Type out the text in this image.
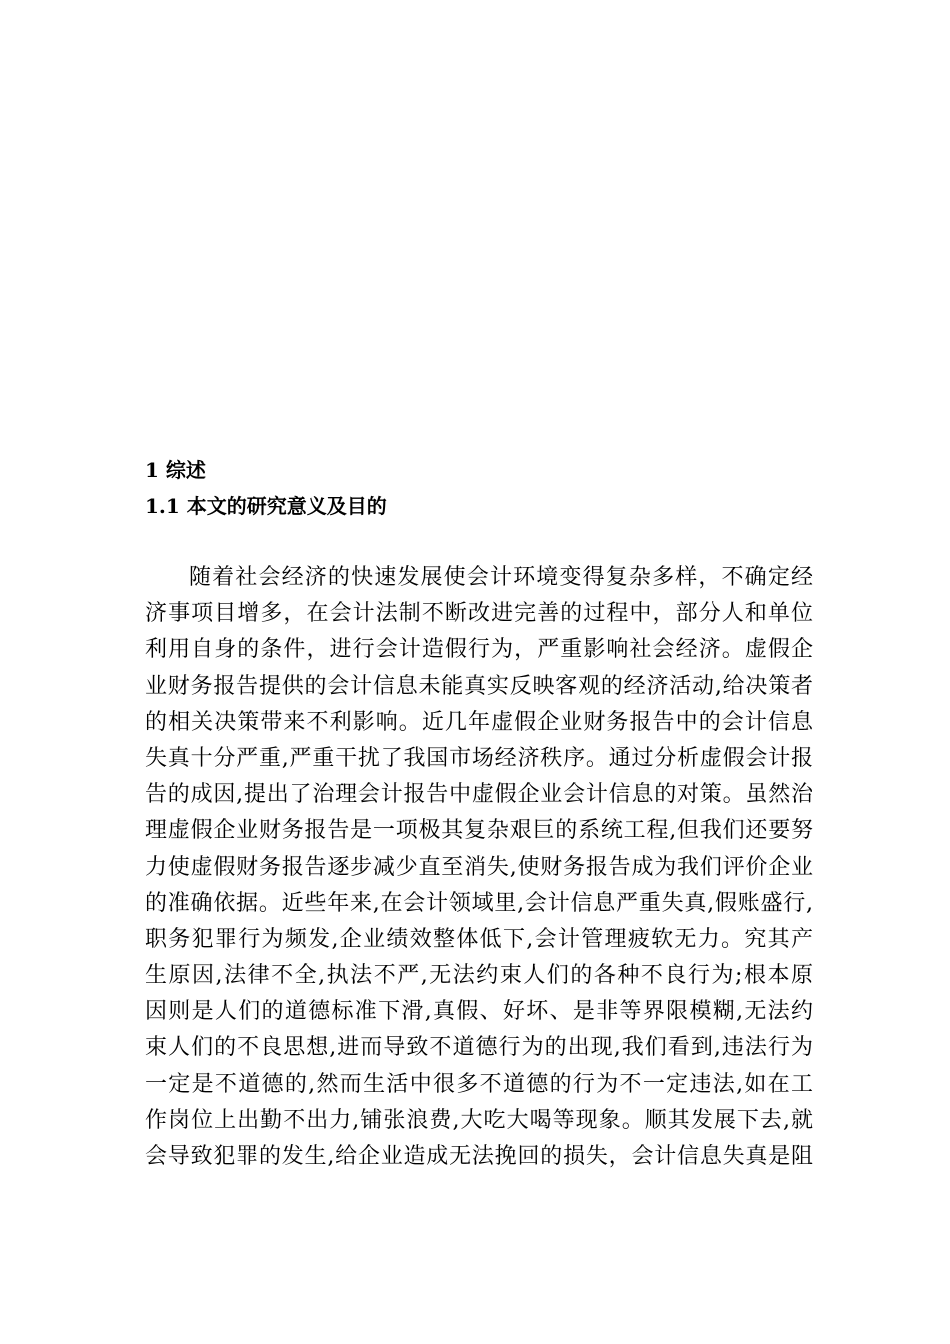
1 综述
1.1 本文的研究意义及目的
随着社会经济的快速发展使会计环境变得复杂多样，不确定经
济事项目增多，在会计法制不断改进完善的过程中，部分人和单位
利用自身的条件，进行会计造假行为，严重影响社会经济。虚假企
业财务报告提供的会计信息未能真实反映客观的经济活动,给决策者
的相关决策带来不利影响。近几年虚假企业财务报告中的会计信息
失真十分严重,严重干扰了我国市场经济秩序。通过分析虚假会计报
告的成因,提出了治理会计报告中虚假企业会计信息的对策。虽然治
理虚假企业财务报告是一项极其复杂艰巨的系统工程,但我们还要努
力使虚假财务报告逐步减少直至消失,使财务报告成为我们评价企业
的准确依据。近些年来,在会计领域里,会计信息严重失真,假账盛行,
职务犯罪行为频发,企业绩效整体低下,会计管理疲软无力。究其产
生原因,法律不全,执法不严,无法约束人们的各种不良行为;根本原
因则是人们的道德标准下滑,真假、好坏、是非等界限模糊,无法约
束人们的不良思想,进而导致不道德行为的出现,我们看到,违法行为
一定是不道德的,然而生活中很多不道德的行为不一定违法,如在工
作岗位上出勤不出力,铺张浪费,大吃大喝等现象。顺其发展下去,就
会导致犯罪的发生,给企业造成无法挽回的损失，会计信息失真是阻
